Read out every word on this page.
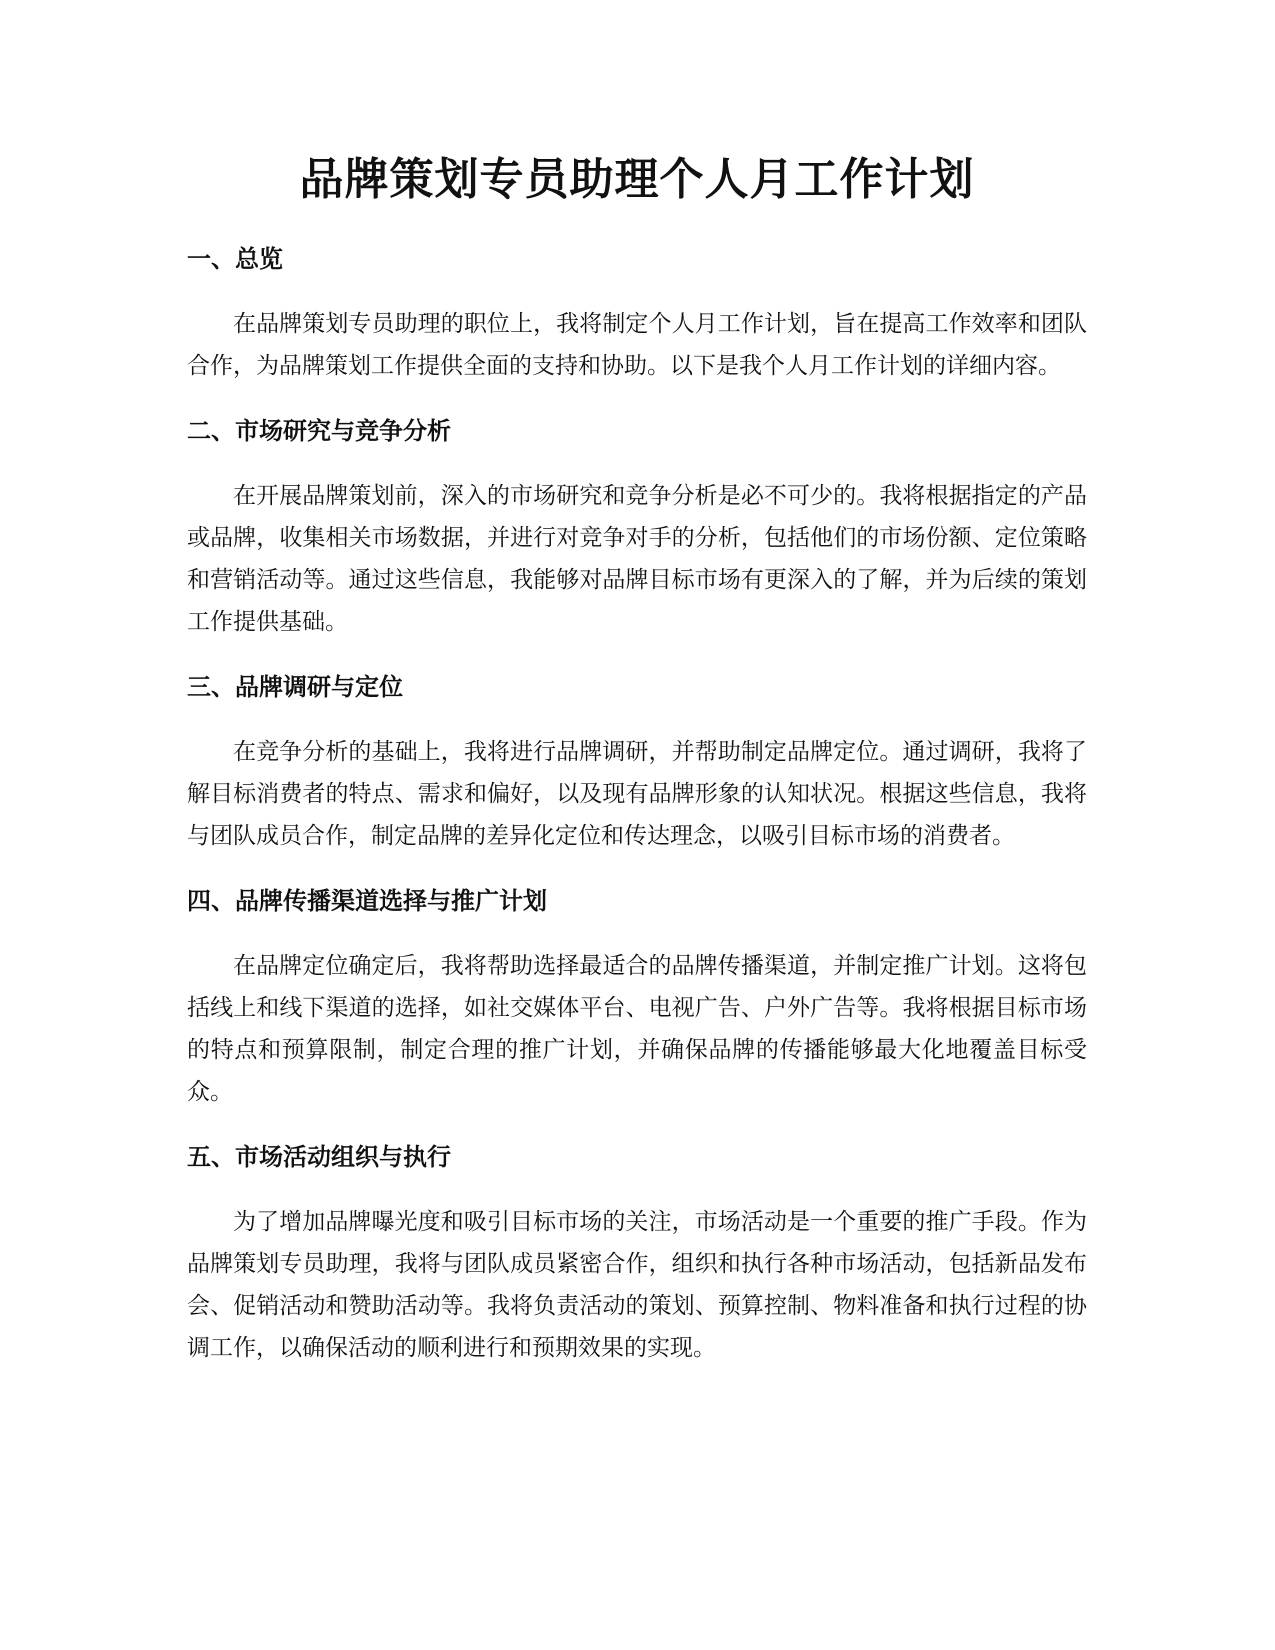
品牌策划专员助理个人月工作计划
一、总览

在品牌策划专员助理的职位上，我将制定个人月工作计划，旨在提高工作效率和团队合作，为品牌策划工作提供全面的支持和协助。以下是我个人月工作计划的详细内容。

二、市场研究与竞争分析

在开展品牌策划前，深入的市场研究和竞争分析是必不可少的。我将根据指定的产品或品牌，收集相关市场数据，并进行对竞争对手的分析，包括他们的市场份额、定位策略和营销活动等。通过这些信息，我能够对品牌目标市场有更深入的了解，并为后续的策划工作提供基础。

三、品牌调研与定位

在竞争分析的基础上，我将进行品牌调研，并帮助制定品牌定位。通过调研，我将了解目标消费者的特点、需求和偏好，以及现有品牌形象的认知状况。根据这些信息，我将与团队成员合作，制定品牌的差异化定位和传达理念，以吸引目标市场的消费者。

四、品牌传播渠道选择与推广计划

在品牌定位确定后，我将帮助选择最适合的品牌传播渠道，并制定推广计划。这将包括线上和线下渠道的选择，如社交媒体平台、电视广告、户外广告等。我将根据目标市场的特点和预算限制，制定合理的推广计划，并确保品牌的传播能够最大化地覆盖目标受众。

五、市场活动组织与执行

为了增加品牌曝光度和吸引目标市场的关注，市场活动是一个重要的推广手段。作为品牌策划专员助理，我将与团队成员紧密合作，组织和执行各种市场活动，包括新品发布会、促销活动和赞助活动等。我将负责活动的策划、预算控制、物料准备和执行过程的协调工作，以确保活动的顺利进行和预期效果的实现。
